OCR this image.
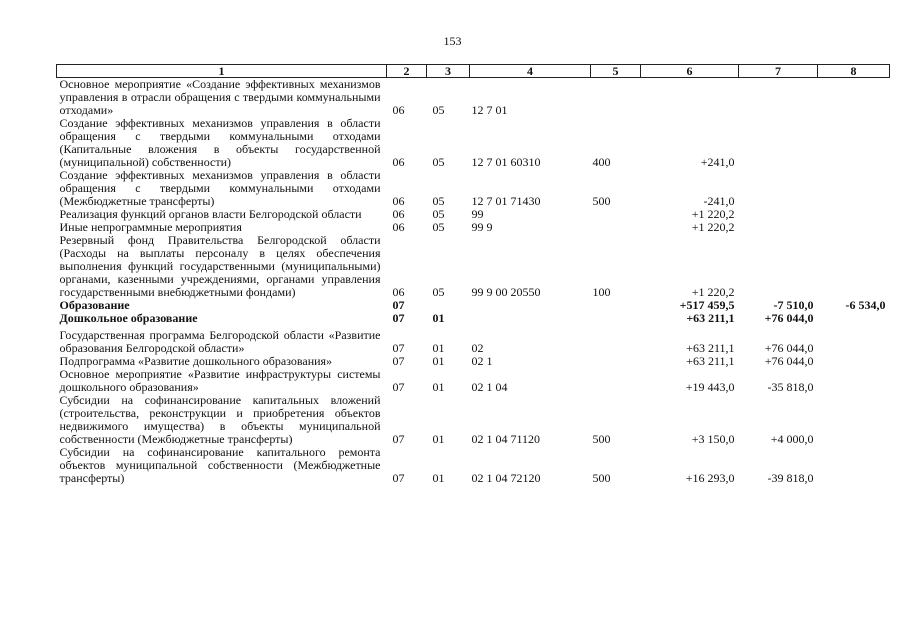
153
1	2	3	4	5	6	7	8
Основное мероприятие «Создание эффективных механизмов управления в отрасли обращения с твердыми коммунальными отходами»	06	05	12 7 01				
Создание эффективных механизмов управления в области обращения с твердыми коммунальными отходами (Капитальные вложения в объекты государственной (муниципальной) собственности)	06	05	12 7 01 60310	400	+241,0		
Создание эффективных механизмов управления в области обращения с твердыми коммунальными отходами (Межбюджетные трансферты)	06	05	12 7 01 71430	500	-241,0		
Реализация функций органов власти Белгородской области	06	05	99		+1 220,2		
Иные непрограммные мероприятия	06	05	99 9		+1 220,2		
Резервный фонд Правительства Белгородской области (Расходы на выплаты персоналу в целях обеспечения выполнения функций государственными (муниципальными) органами, казенными учреждениями, органами управления государственными внебюджетными фондами)	06	05	99 9 00 20550	100	+1 220,2		
Образование	07				+517 459,5	-7 510,0	-6 534,0
Дошкольное образование	07	01			+63 211,1	+76 044,0	
Государственная программа Белгородской области «Развитие образования Белгородской области»	07	01	02		+63 211,1	+76 044,0	
Подпрограмма «Развитие дошкольного образования»	07	01	02 1		+63 211,1	+76 044,0	
Основное мероприятие «Развитие инфраструктуры системы дошкольного образования»	07	01	02 1 04		+19 443,0	-35 818,0	
Субсидии на софинансирование капитальных вложений (строительства, реконструкции и приобретения объектов недвижимого имущества) в объекты муниципальной собственности (Межбюджетные трансферты)	07	01	02 1 04 71120	500	+3 150,0	+4 000,0	
Субсидии на софинансирование капитального ремонта объектов муниципальной собственности (Межбюджетные трансферты)	07	01	02 1 04 72120	500	+16 293,0	-39 818,0	
